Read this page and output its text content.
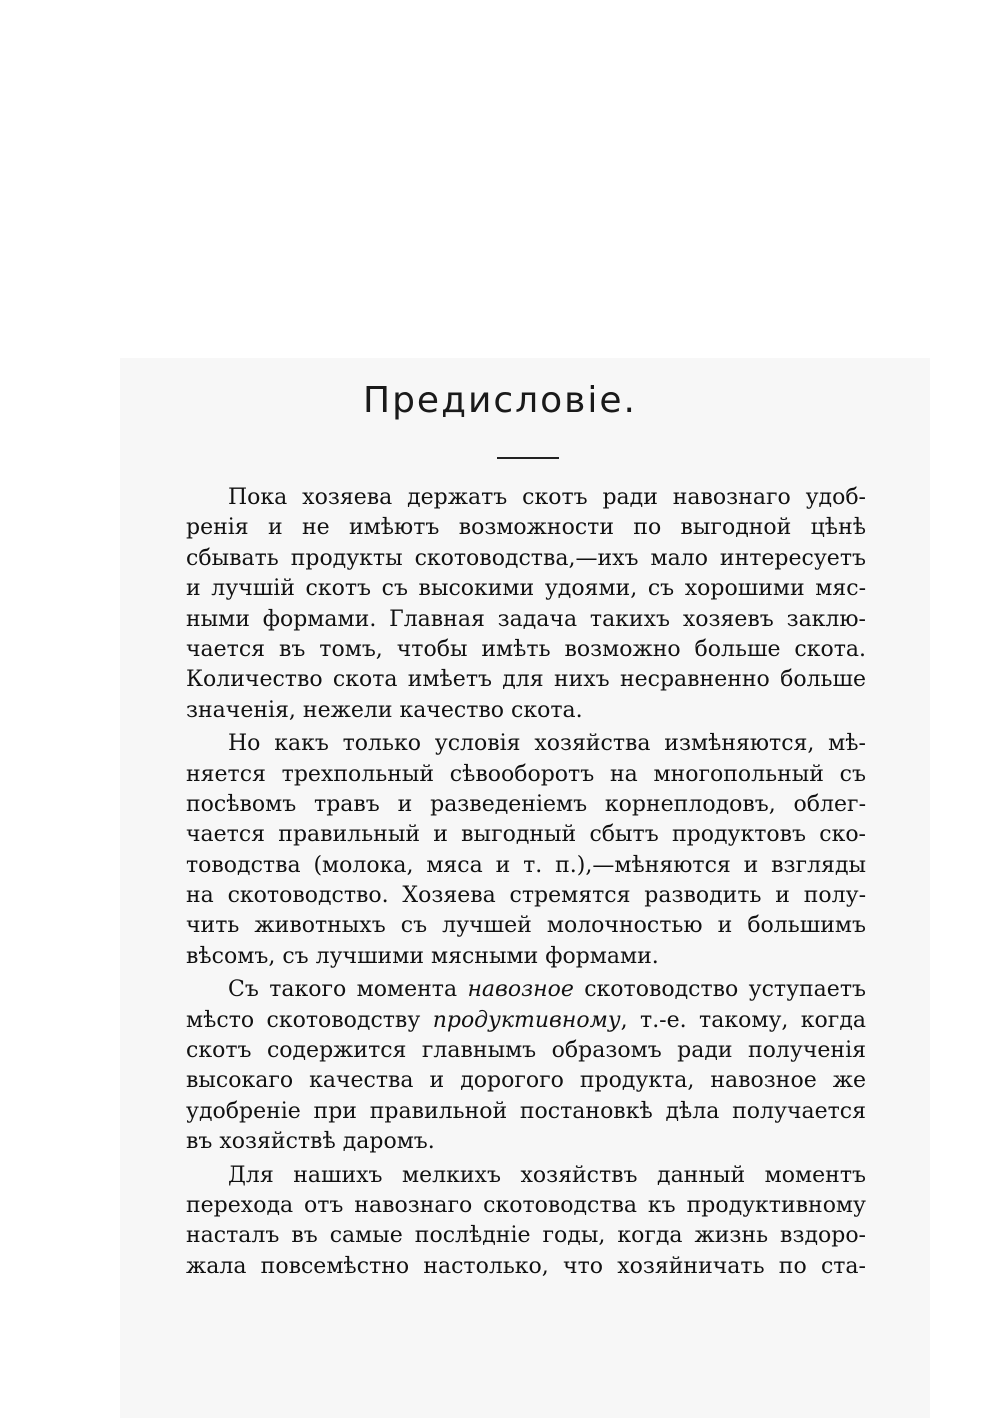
Предисловіе.
Пока хозяева держатъ скотъ ради навознаго удоб-
ренія и не имѣютъ возможности по выгодной цѣнѣ
сбывать продукты скотоводства,—ихъ мало интересуетъ
и лучшій скотъ съ высокими удоями, съ хорошими мяс-
ными формами. Главная задача такихъ хозяевъ заклю-
чается въ томъ, чтобы имѣть возможно больше скота.
Количество скота имѣетъ для нихъ несравненно больше
значенія, нежели качество скота.
Но какъ только условія хозяйства измѣняются, мѣ-
няется трехпольный сѣвооборотъ на многопольный съ
посѣвомъ травъ и разведеніемъ корнеплодовъ, облег-
чается правильный и выгодный сбытъ продуктовъ ско-
товодства (молока, мяса и т. п.),—мѣняются и взгляды
на скотоводство. Хозяева стремятся разводить и полу-
чить животныхъ съ лучшей молочностью и большимъ
вѣсомъ, съ лучшими мясными формами.
Съ такого момента навозное скотоводство уступаетъ
мѣсто скотоводству продуктивному, т.-е. такому, когда
скотъ содержится главнымъ образомъ ради полученія
высокаго качества и дорогого продукта, навозное же
удобреніе при правильной постановкѣ дѣла получается
въ хозяйствѣ даромъ.
Для нашихъ мелкихъ хозяйствъ данный моментъ
перехода отъ навознаго скотоводства къ продуктивному
насталъ въ самые послѣдніе годы, когда жизнь вздоро-
жала повсемѣстно настолько, что хозяйничать по ста-
